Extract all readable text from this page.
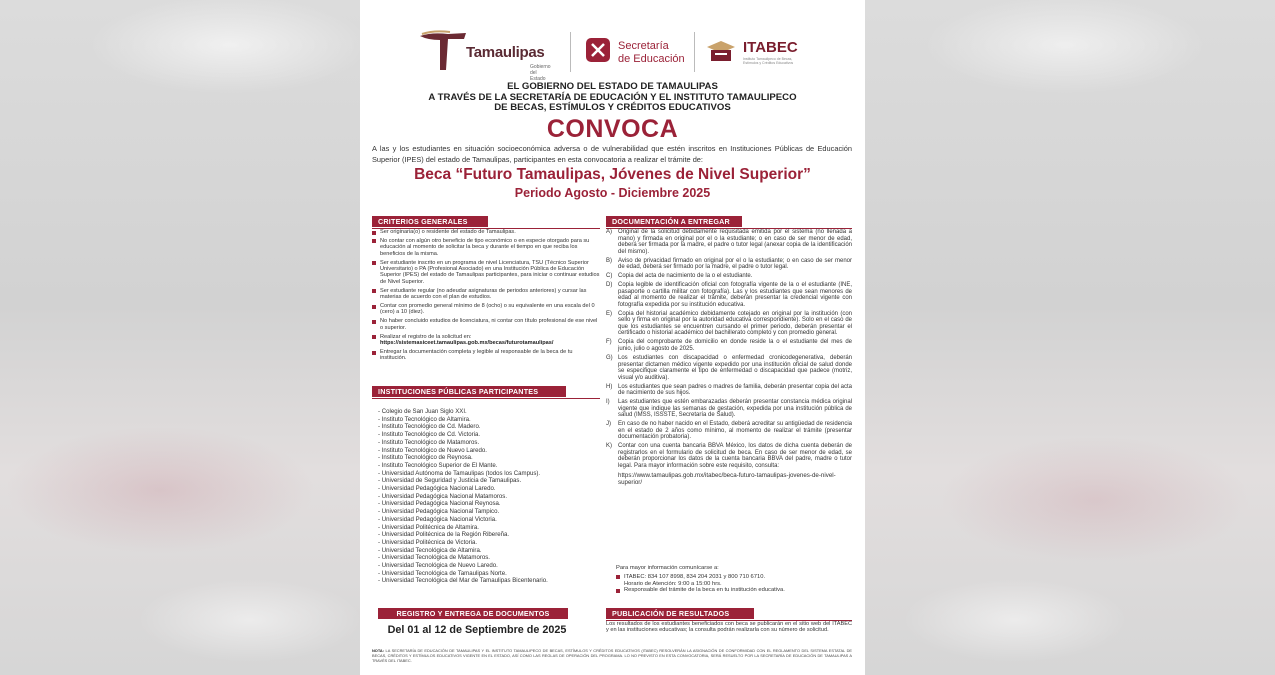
Tamaulipas
Gobierno del Estado
Secretaría
de Educación
ITABEC
Instituto Tamaulipeco de Becas, Estímulos y Créditos Educativos
EL GOBIERNO DEL ESTADO DE TAMAULIPAS
A TRAVÉS DE LA SECRETARÍA DE EDUCACIÓN Y EL INSTITUTO TAMAULIPECO
DE BECAS, ESTÍMULOS Y CRÉDITOS EDUCATIVOS
CONVOCA
A las y los estudiantes en situación socioeconómica adversa o de vulnerabilidad que estén inscritos en Instituciones Públicas de Educación Superior (IPES) del estado de Tamaulipas, participantes en esta convocatoria a realizar el trámite de:
Beca “Futuro Tamaulipas, Jóvenes de Nivel Superior”
Periodo Agosto - Diciembre 2025
CRITERIOS GENERALES
Ser originaria(o) o residente del estado de Tamaulipas.
No contar con algún otro beneficio de tipo económico o en especie otorgado para su educación al momento de solicitar la beca y durante el tiempo en que reciba los beneficios de la misma.
Ser estudiante inscrito en un programa de nivel Licenciatura, TSU (Técnico Superior Universitario) o PA (Profesional Asociado) en una Institución Pública de Educación Superior (IPES) del estado de Tamaulipas participantes, para iniciar o continuar estudios de Nivel Superior.
Ser estudiante regular (no adeudar asignaturas de periodos anteriores) y cursar las materias de acuerdo con el plan de estudios.
Contar con promedio general mínimo de 8 (ocho) o su equivalente en una escala del 0 (cero) a 10 (diez).
No haber concluido estudios de licenciatura, ni contar con título profesional de ese nivel o superior.
Realizar el registro de la solicitud en:
https://sistemasiceet.tamaulipas.gob.mx/becas/futurotamaulipas/
Entregar la documentación completa y legible al responsable de la beca de tu institución.
INSTITUCIONES PÚBLICAS PARTICIPANTES
- Colegio de San Juan Siglo XXI.
- Instituto Tecnológico de Altamira.
- Instituto Tecnológico de Cd. Madero.
- Instituto Tecnológico de Cd. Victoria.
- Instituto Tecnológico de Matamoros.
- Instituto Tecnológico de Nuevo Laredo.
- Instituto Tecnológico de Reynosa.
- Instituto Tecnológico Superior de El Mante.
- Universidad Autónoma de Tamaulipas (todos los Campus).
- Universidad de Seguridad y Justicia de Tamaulipas.
- Universidad Pedagógica Nacional Laredo.
- Universidad Pedagógica Nacional Matamoros.
- Universidad Pedagógica Nacional Reynosa.
- Universidad Pedagógica Nacional Tampico.
- Universidad Pedagógica Nacional Victoria.
- Universidad Politécnica de Altamira.
- Universidad Politécnica de la Región Ribereña.
- Universidad Politécnica de Victoria.
- Universidad Tecnológica de Altamira.
- Universidad Tecnológica de Matamoros.
- Universidad Tecnológica de Nuevo Laredo.
- Universidad Tecnológica de Tamaulipas Norte.
- Universidad Tecnológica del Mar de Tamaulipas Bicentenario.
DOCUMENTACIÓN A ENTREGAR
A) Original de la solicitud debidamente requisitada emitida por el sistema (no llenada a mano) y firmada en original por el o la estudiante; o en caso de ser menor de edad, deberá ser firmada por la madre, el padre o tutor legal (anexar copia de la identificación del mismo).
B) Aviso de privacidad firmado en original por el o la estudiante; o en caso de ser menor de edad, deberá ser firmado por la madre, el padre o tutor legal.
C) Copia del acta de nacimiento de la o el estudiante.
D) Copia legible de identificación oficial con fotografía vigente de la o el estudiante (INE, pasaporte o cartilla militar con fotografía). Las y los estudiantes que sean menores de edad al momento de realizar el trámite, deberán presentar la credencial vigente con fotografía expedida por su institución educativa.
E) Copia del historial académico debidamente cotejado en original por la institución (con sello y firma en original por la autoridad educativa correspondiente). Solo en el caso de que los estudiantes se encuentren cursando el primer periodo, deberán presentar el certificado o historial académico del bachillerato completo y con promedio general.
F) Copia del comprobante de domicilio en donde reside la o el estudiante del mes de junio, julio o agosto de 2025.
G) Los estudiantes con discapacidad o enfermedad cronicodegenerativa, deberán presentar dictamen médico vigente expedido por una institución oficial de salud donde se especifique claramente el tipo de enfermedad o discapacidad que padece (motriz, visual y/o auditiva).
H) Los estudiantes que sean padres o madres de familia, deberán presentar copia del acta de nacimiento de sus hijos.
I) Las estudiantes que estén embarazadas deberán presentar constancia médica original vigente que indique las semanas de gestación, expedida por una institución pública de salud (IMSS, ISSSTE, Secretaría de Salud).
J) En caso de no haber nacido en el Estado, deberá acreditar su antigüedad de residencia en el estado de 2 años como mínimo, al momento de realizar el trámite (presentar documentación probatoria).
K) Contar con una cuenta bancaria BBVA México, los datos de dicha cuenta deberán de registrarlos en el formulario de solicitud de beca. En caso de ser menor de edad, se deberán proporcionar los datos de la cuenta bancaria BBVA del padre, madre o tutor legal. Para mayor información sobre este requisito, consulta:

https://www.tamaulipas.gob.mx/itabec/beca-futuro-tamaulipas-jovenes-de-nivel-superior/
Para mayor información comunícarse a:
ITABEC: 834 107 8998, 834 204 2031 y 800 710 6710.
Horario de Atención: 9:00 a 15:00 hrs.
Responsable del trámite de la beca en tu institución educativa.
REGISTRO Y ENTREGA DE DOCUMENTOS
Del 01 al 12 de Septiembre de 2025
PUBLICACIÓN DE RESULTADOS
Los resultados de los estudiantes beneficiados con beca se publicarán en el sitio web del ITABEC y en las instituciones educativas; la consulta podrán realizarla con su número de solicitud.
NOTA: LA SECRETARÍA DE EDUCACIÓN DE TAMAULIPAS Y EL INSTITUTO TAMAULIPECO DE BECAS, ESTÍMULOS Y CRÉDITOS EDUCATIVOS (ITABEC) RESOLVERÁN LA ASIGNACIÓN DE CONFORMIDAD CON EL REGLAMENTO DEL SISTEMA ESTATAL DE BECAS, CRÉDITOS Y ESTÍMULOS EDUCATIVOS VIGENTE EN EL ESTADO, ASÍ COMO LAS REGLAS DE OPERACIÓN DEL PROGRAMA. LO NO PREVISTO EN ESTA CONVOCATORIA, SERÁ RESUELTO POR LA SECRETARÍA DE EDUCACIÓN DE TAMAULIPAS A TRAVÉS DEL ITABEC.
